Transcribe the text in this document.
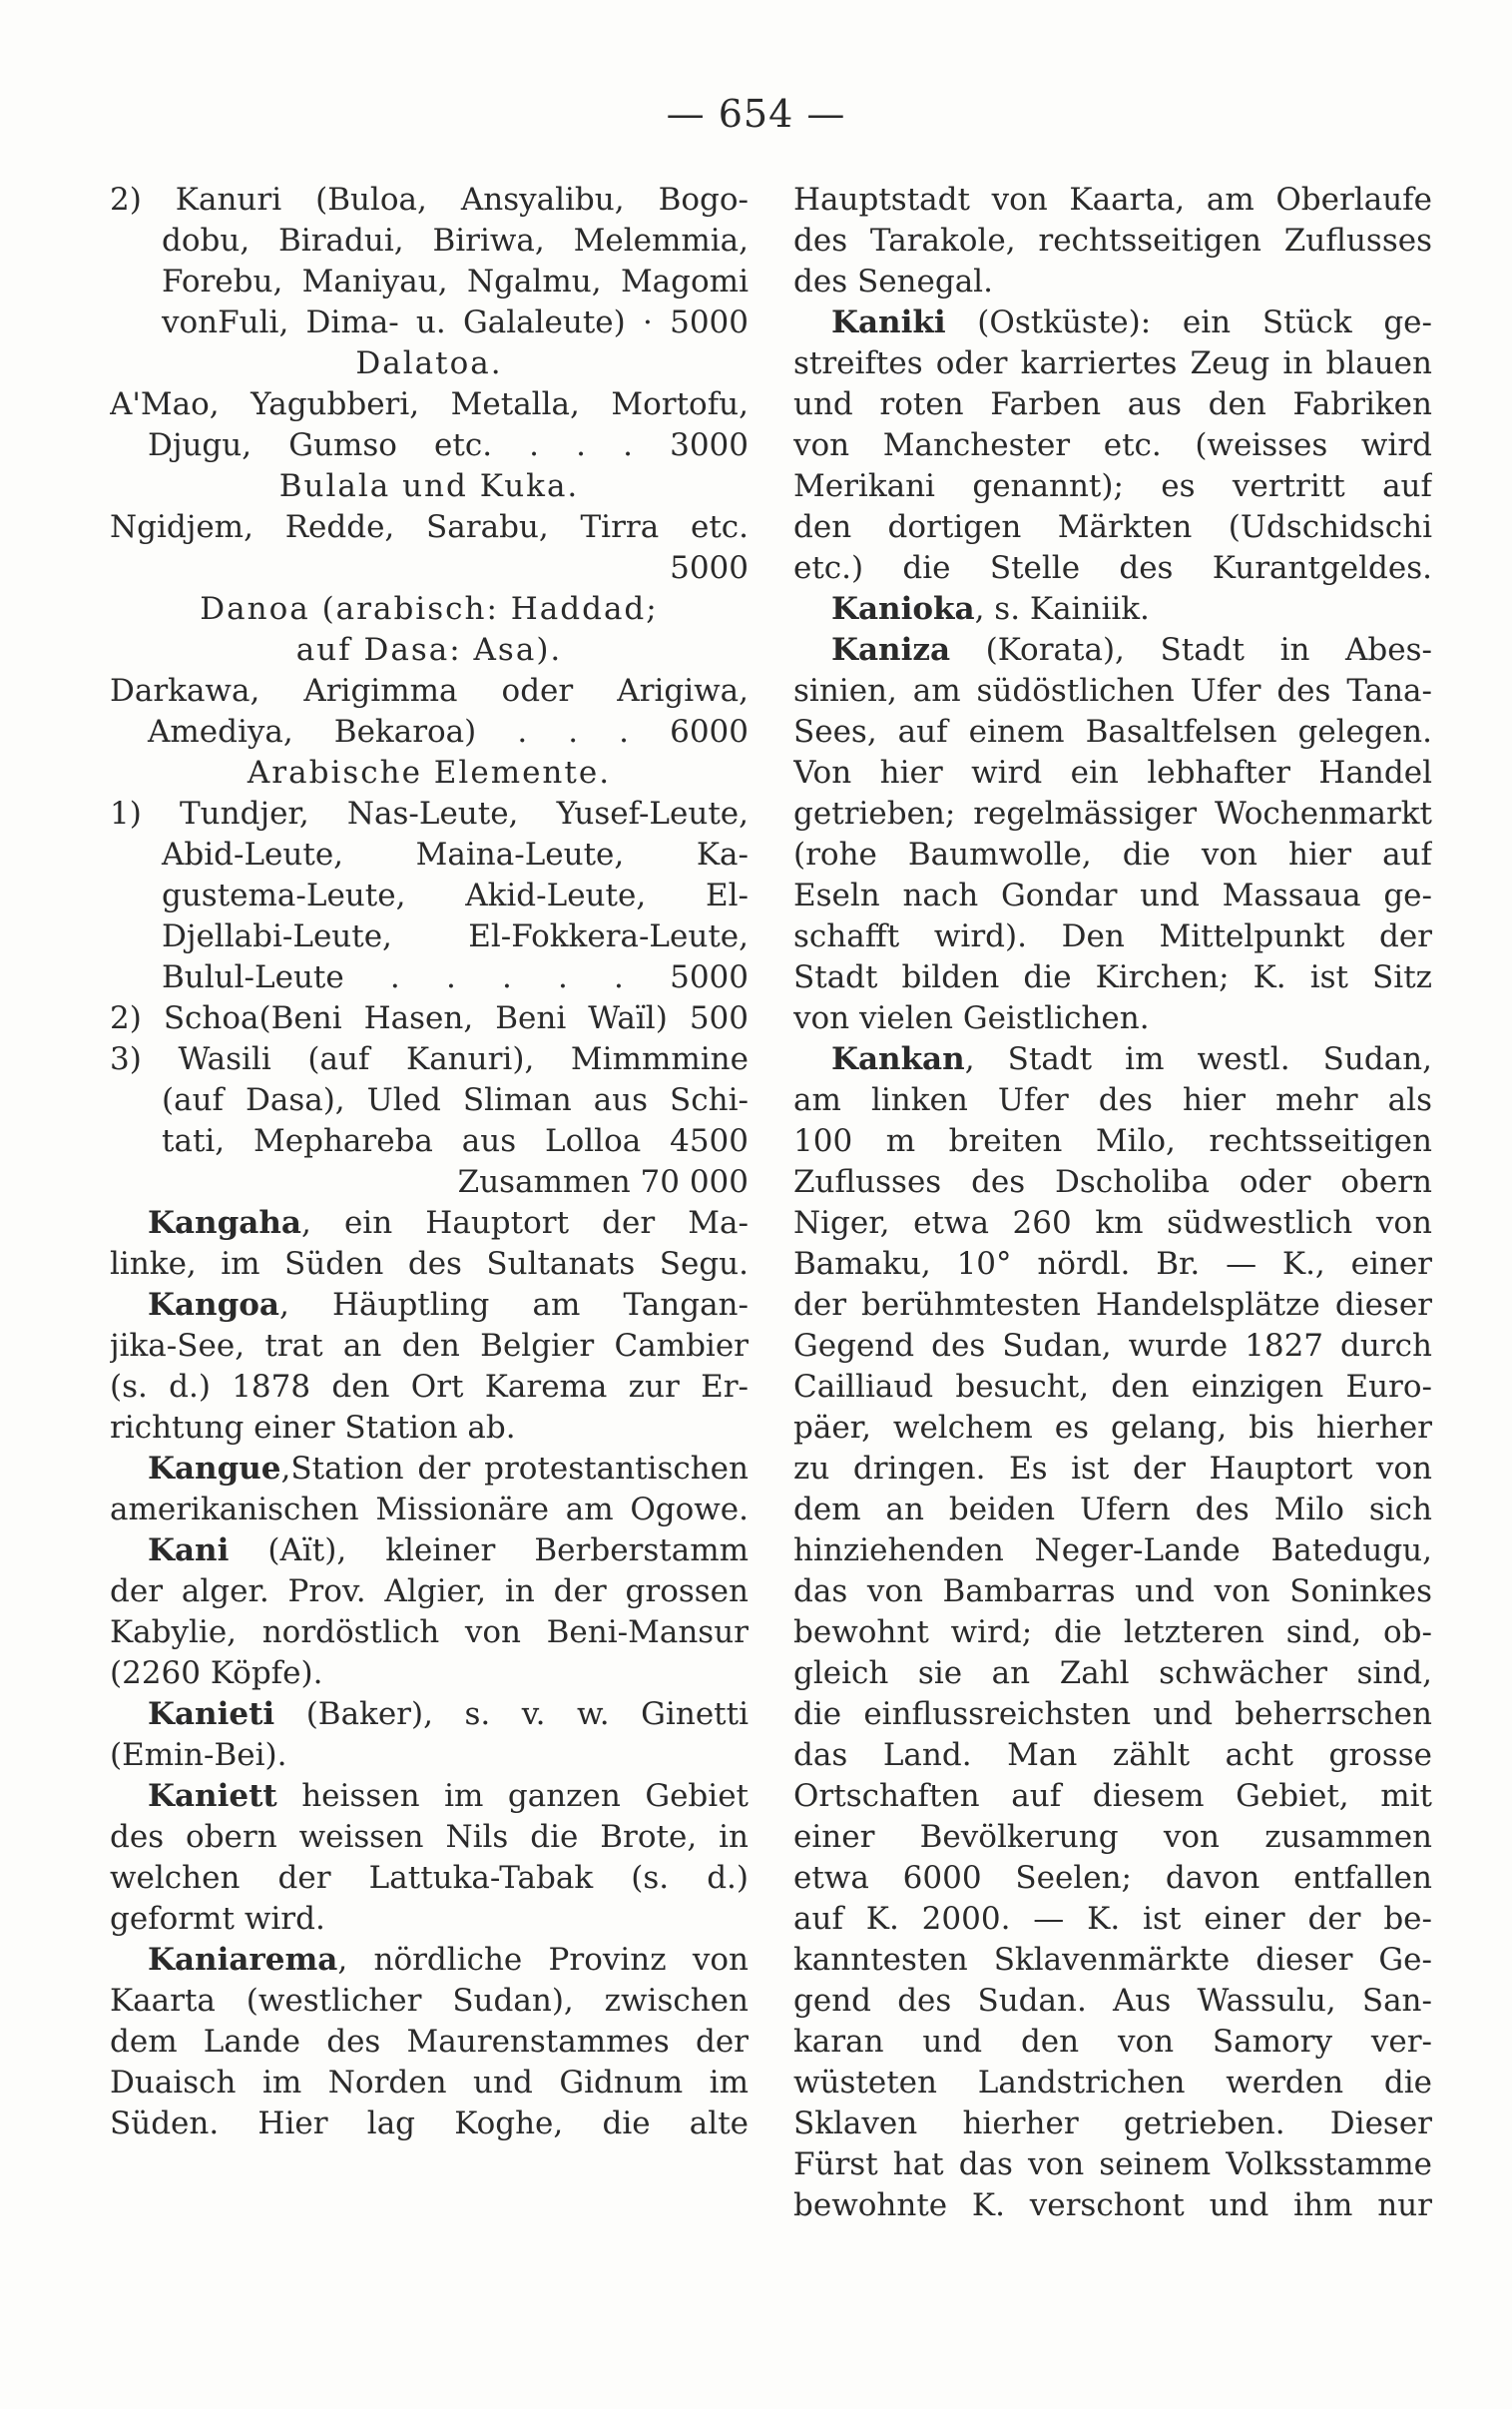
— 654 —
2) Kanuri (Buloa, Ansyalibu, Bogo-
dobu, Biradui, Biriwa, Melemmia,
Forebu, Maniyau, Ngalmu, Magomi
vonFuli, Dima- u. Galaleute) · 5000
Dalatoa.
A'Mao, Yagubberi, Metalla, Mortofu,
Djugu, Gumso etc. . . . 3000
Bulala und Kuka.
Ngidjem, Redde, Sarabu, Tirra etc.
5000
Danoa (arabisch: Haddad;
auf Dasa: Asa).
Darkawa, Arigimma oder Arigiwa,
Amediya, Bekaroa) . . . 6000
Arabische Elemente.
1) Tundjer, Nas-Leute, Yusef-Leute,
Abid-Leute, Maina-Leute, Ka-
gustema-Leute, Akid-Leute, El-
Djellabi-Leute, El-Fokkera-Leute,
Bulul-Leute . . . . . 5000
2) Schoa(Beni Hasen, Beni Waïl) 500
3) Wasili (auf Kanuri), Mimmmine
(auf Dasa), Uled Sliman aus Schi-
tati, Mephareba aus Lolloa 4500
Zusammen 70 000
Kangaha, ein Hauptort der Ma-
linke, im Süden des Sultanats Segu.
Kangoa, Häuptling am Tangan-
jika-See, trat an den Belgier Cambier
(s. d.) 1878 den Ort Karema zur Er-
richtung einer Station ab.
Kangue,Station der protestantischen
amerikanischen Missionäre am Ogowe.
Kani (Aït), kleiner Berberstamm
der alger. Prov. Algier, in der grossen
Kabylie, nordöstlich von Beni-Mansur
(2260 Köpfe).
Kanieti (Baker), s. v. w. Ginetti
(Emin-Bei).
Kaniett heissen im ganzen Gebiet
des obern weissen Nils die Brote, in
welchen der Lattuka-Tabak (s. d.)
geformt wird.
Kaniarema, nördliche Provinz von
Kaarta (westlicher Sudan), zwischen
dem Lande des Maurenstammes der
Duaisch im Norden und Gidnum im
Süden. Hier lag Koghe, die alte
Hauptstadt von Kaarta, am Oberlaufe
des Tarakole, rechtsseitigen Zuflusses
des Senegal.
Kaniki (Ostküste): ein Stück ge-
streiftes oder karriertes Zeug in blauen
und roten Farben aus den Fabriken
von Manchester etc. (weisses wird
Merikani genannt); es vertritt auf
den dortigen Märkten (Udschidschi
etc.) die Stelle des Kurantgeldes.
Kanioka, s. Kainiik.
Kaniza (Korata), Stadt in Abes-
sinien, am südöstlichen Ufer des Tana-
Sees, auf einem Basaltfelsen gelegen.
Von hier wird ein lebhafter Handel
getrieben; regelmässiger Wochenmarkt
(rohe Baumwolle, die von hier auf
Eseln nach Gondar und Massaua ge-
schafft wird). Den Mittelpunkt der
Stadt bilden die Kirchen; K. ist Sitz
von vielen Geistlichen.
Kankan, Stadt im westl. Sudan,
am linken Ufer des hier mehr als
100 m breiten Milo, rechtsseitigen
Zuflusses des Dscholiba oder obern
Niger, etwa 260 km südwestlich von
Bamaku, 10° nördl. Br. — K., einer
der berühmtesten Handelsplätze dieser
Gegend des Sudan, wurde 1827 durch
Cailliaud besucht, den einzigen Euro-
päer, welchem es gelang, bis hierher
zu dringen. Es ist der Hauptort von
dem an beiden Ufern des Milo sich
hinziehenden Neger-Lande Batedugu,
das von Bambarras und von Soninkes
bewohnt wird; die letzteren sind, ob-
gleich sie an Zahl schwächer sind,
die einflussreichsten und beherrschen
das Land. Man zählt acht grosse
Ortschaften auf diesem Gebiet, mit
einer Bevölkerung von zusammen
etwa 6000 Seelen; davon entfallen
auf K. 2000. — K. ist einer der be-
kanntesten Sklavenmärkte dieser Ge-
gend des Sudan. Aus Wassulu, San-
karan und den von Samory ver-
wüsteten Landstrichen werden die
Sklaven hierher getrieben. Dieser
Fürst hat das von seinem Volksstamme
bewohnte K. verschont und ihm nur
